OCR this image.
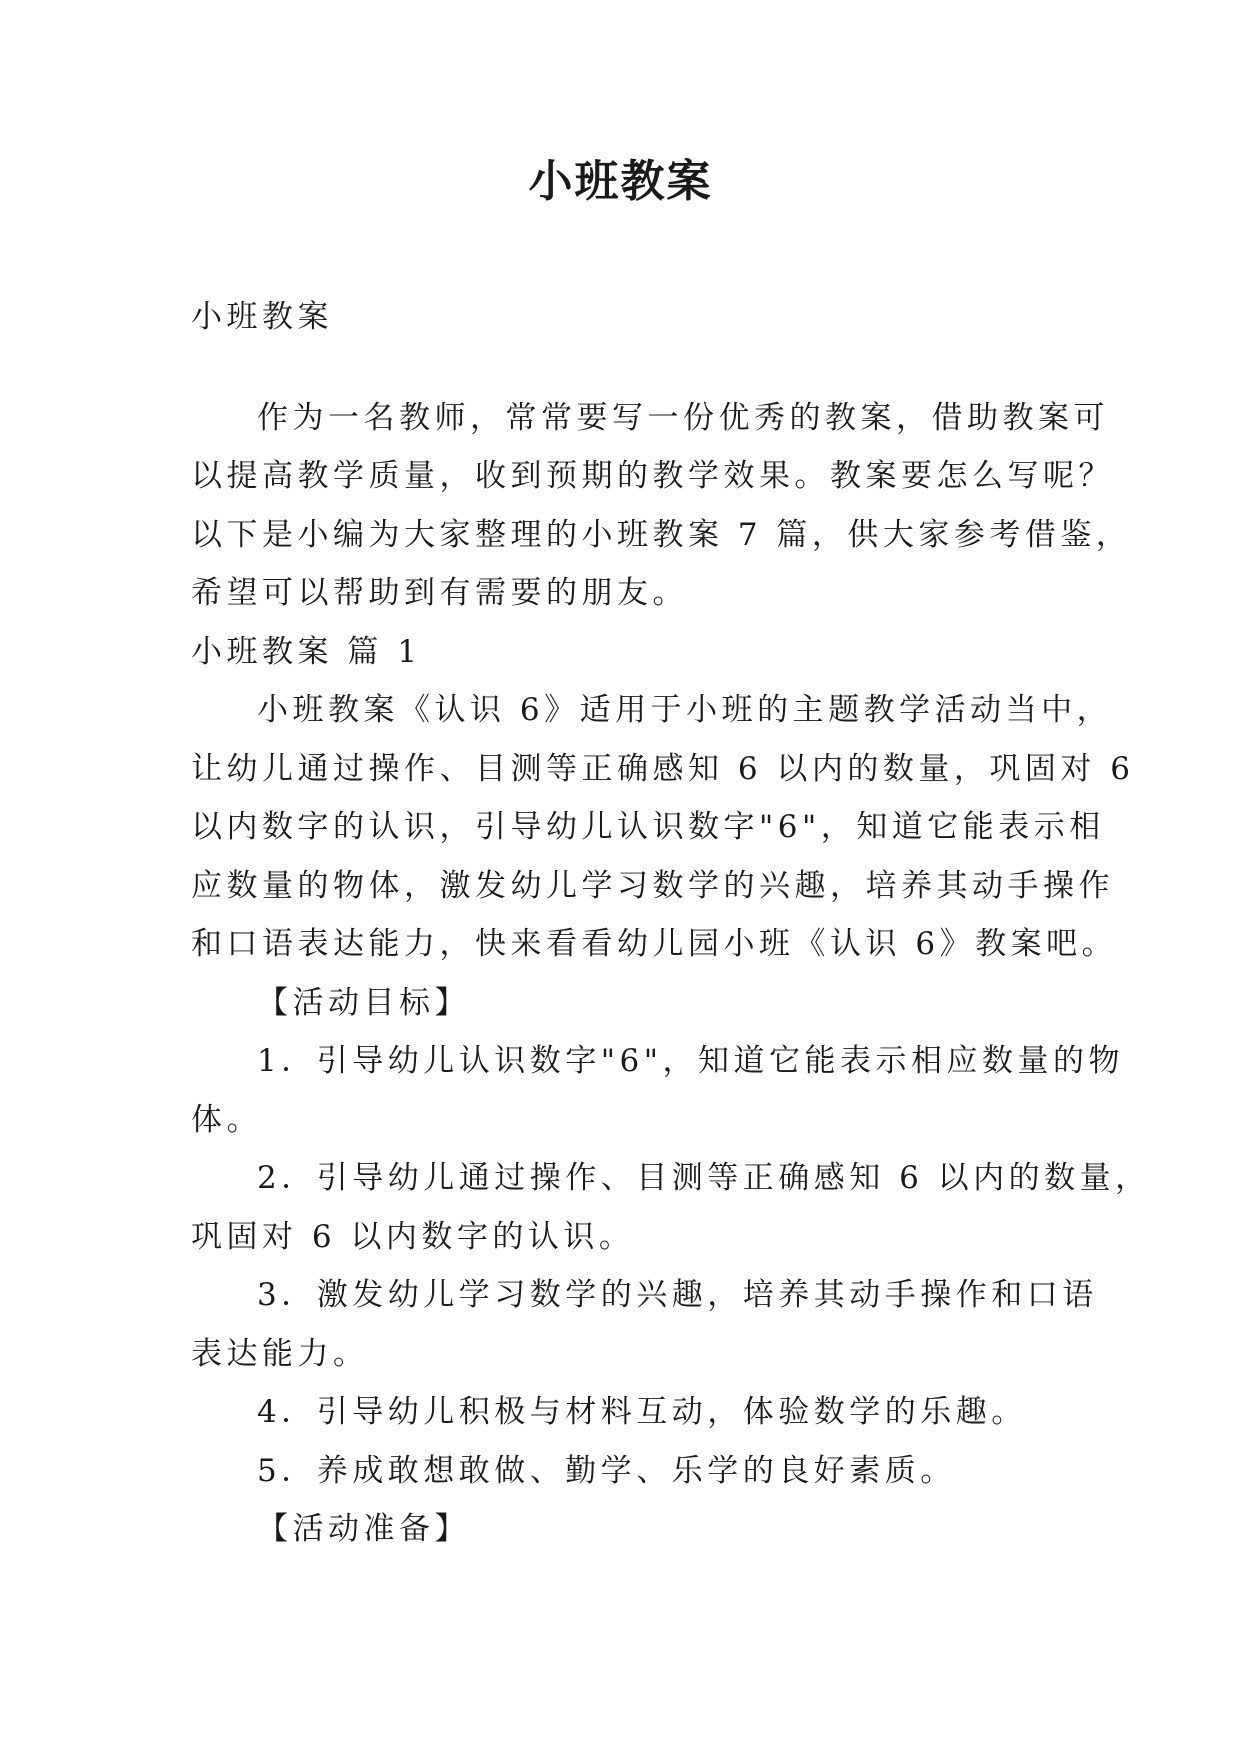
小班教案
小班教案
作为一名教师，常常要写一份优秀的教案，借助教案可
以提高教学质量，收到预期的教学效果。教案要怎么写呢？
以下是小编为大家整理的小班教案 7 篇，供大家参考借鉴，
希望可以帮助到有需要的朋友。
小班教案 篇 1
小班教案《认识 6》适用于小班的主题教学活动当中，
让幼儿通过操作、目测等正确感知 6 以内的数量，巩固对 6
以内数字的认识，引导幼儿认识数字"6"，知道它能表示相
应数量的物体，激发幼儿学习数学的兴趣，培养其动手操作
和口语表达能力，快来看看幼儿园小班《认识 6》教案吧。
【活动目标】
1．引导幼儿认识数字"6"，知道它能表示相应数量的物
体。
2．引导幼儿通过操作、目测等正确感知 6 以内的数量，
巩固对 6 以内数字的认识。
3．激发幼儿学习数学的兴趣，培养其动手操作和口语
表达能力。
4．引导幼儿积极与材料互动，体验数学的乐趣。
5．养成敢想敢做、勤学、乐学的良好素质。
【活动准备】
